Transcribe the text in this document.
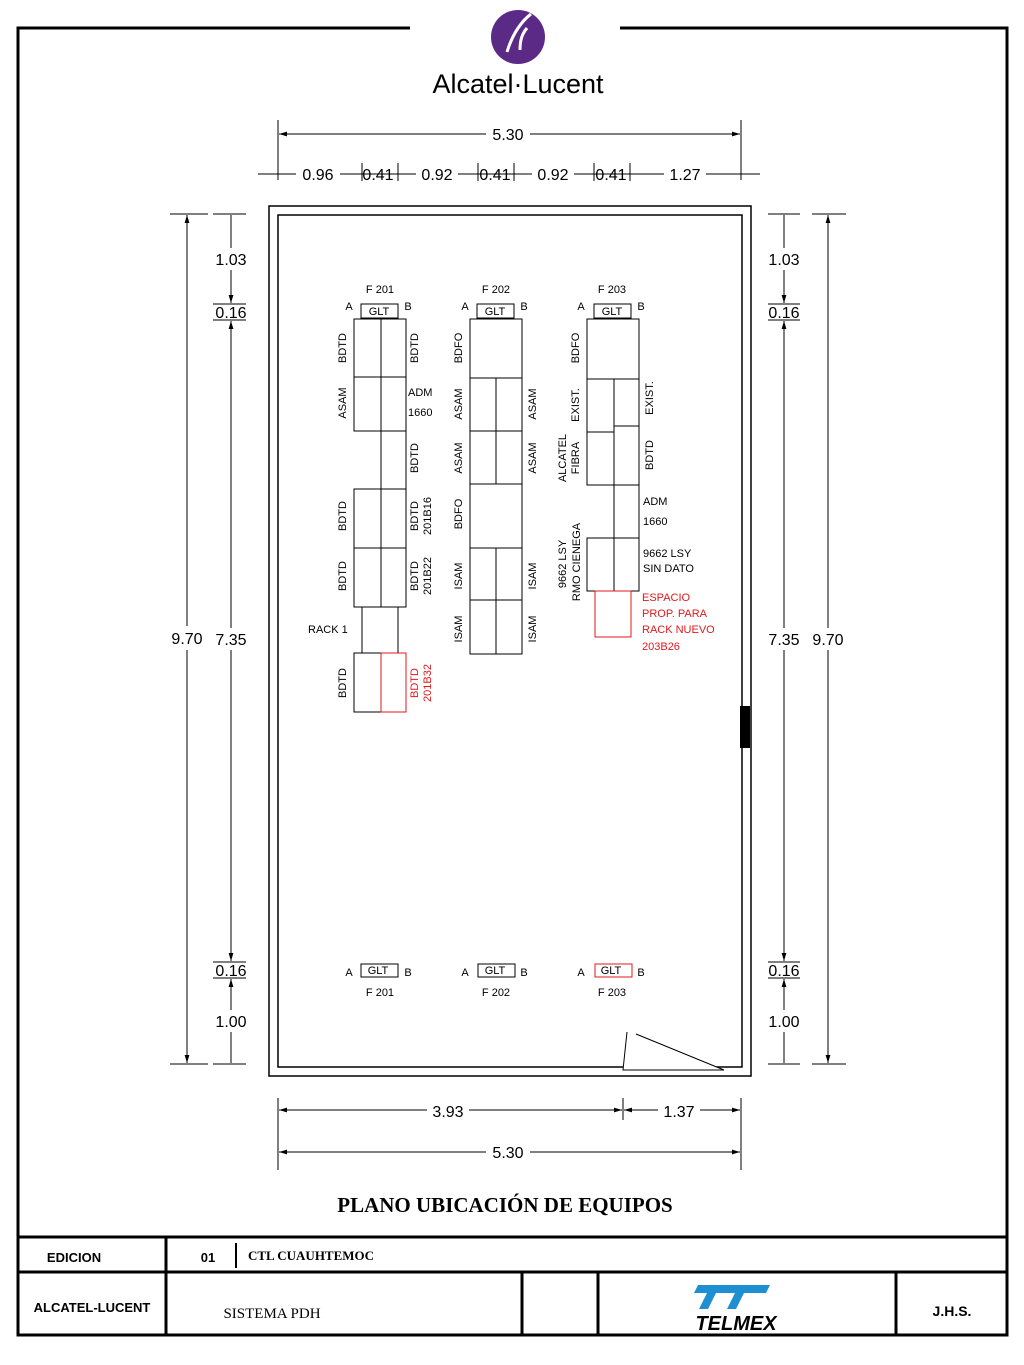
Alcatel·Lucent
5.30
0.96 0.41 0.92 0.41 0.92 0.41	1.27
9.70
1.03
0.16
7.35
0.16
1.00
9.70
1.03
0.16
7.35
0.16
1.00
3.93	1.37
5.30
F 201
A	B
GLT
BDTD	BDTD
ASAM	ADM
1660
BDTD
BDTD	BDTD 201B16
BDTD	BDTD 201B22
RACK 1
BDTD	BDTD 201B32
F 202
A	B
GLT
BDFO
ASAM	ASAM
ASAM	ASAM
BDFO
ISAM	ISAM
ISAM	ISAM
F 203
A	B
GLT
BDFO
EXIST.	EXIST.
ALCATEL FIBRA	BDTD
ADM
1660
9662 LSY RMO CIENEGA	9662 LSY
SIN DATO
ESPACIO
PROP. PARA
RACK NUEVO
203B26
A GLT B
F 201
A GLT B
F 202
A GLT B
F 203
PLANO UBICACIÓN DE EQUIPOS
EDICION	01	CTL CUAUHTEMOC
ALCATEL-LUCENT	SISTEMA PDH	J.H.S.
TELMEX
